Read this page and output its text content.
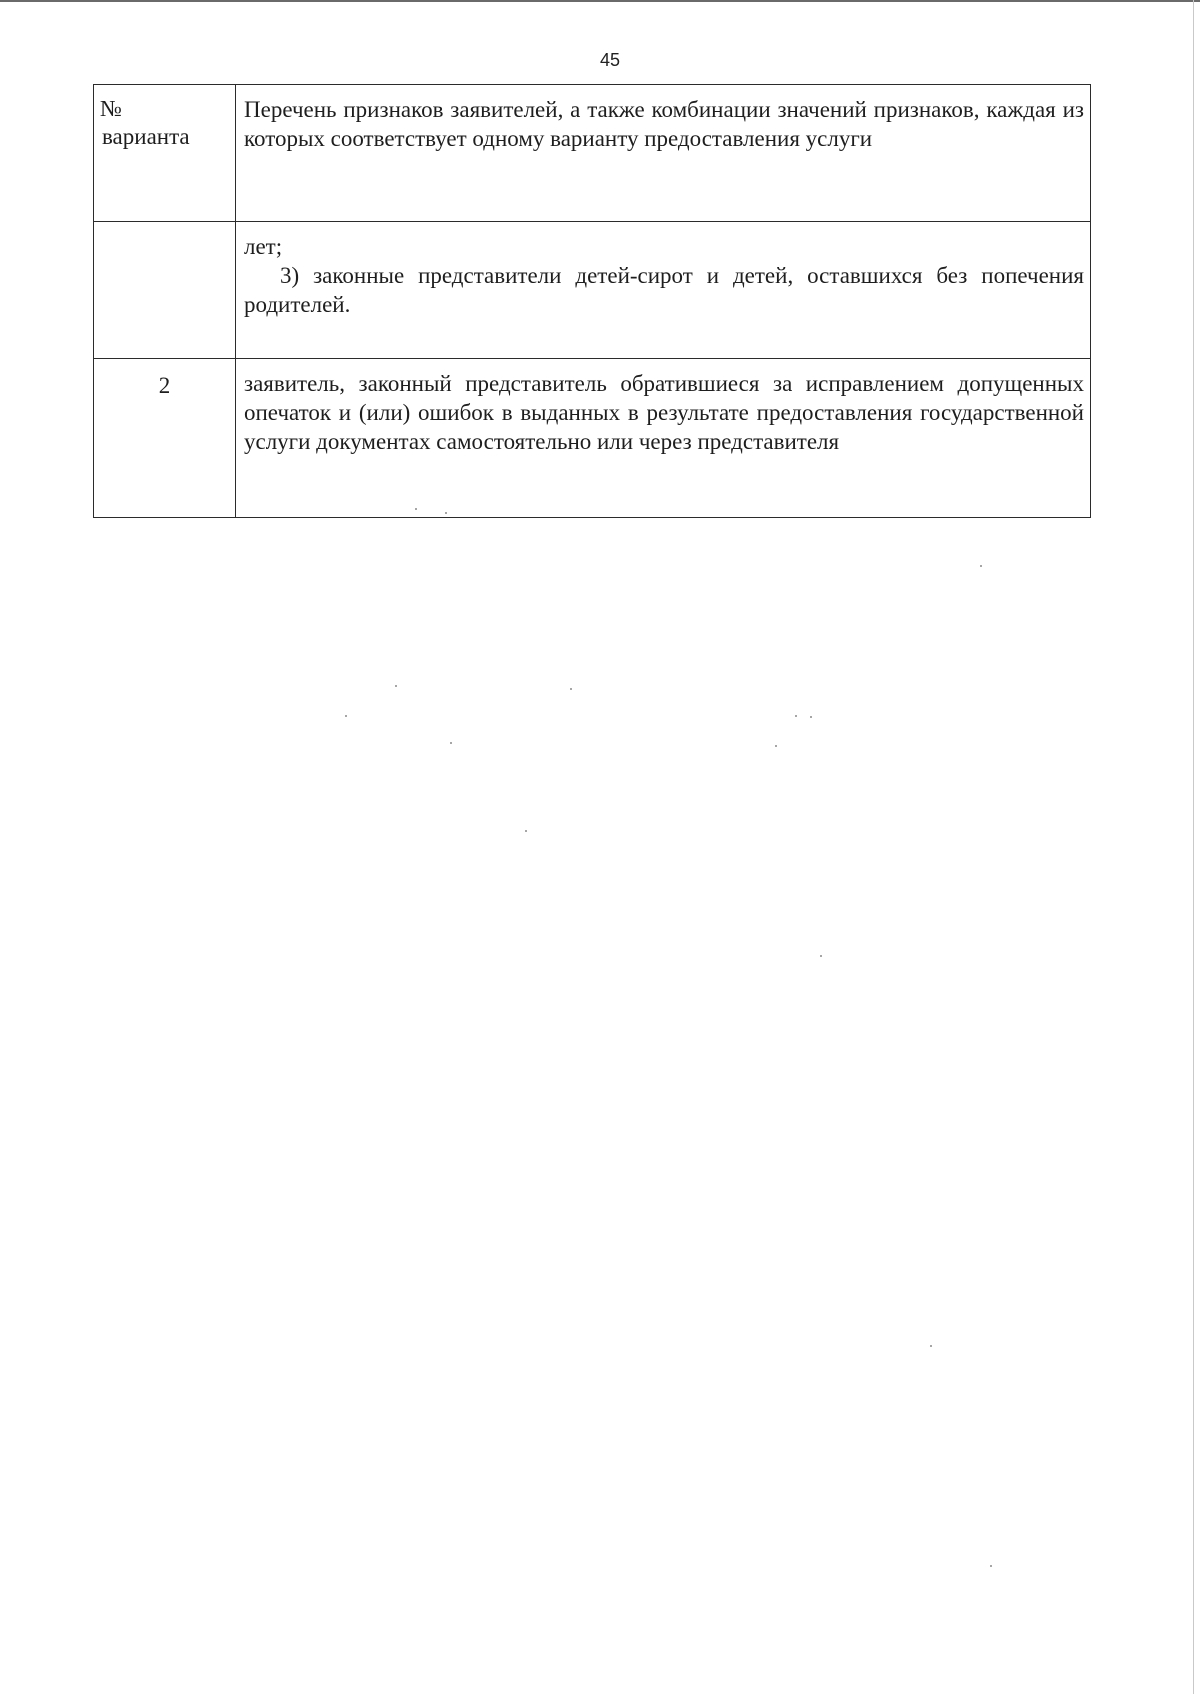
45
№
варианта	Перечень признаков заявителей, а также комбинации значений признаков, каждая из которых соответствует одному варианту предоставления услуги

	лет;
3) законные представители детей-сирот и детей, оставшихся без попечения родителей.

2	заявитель, законный представитель обратившиеся за исправлением допущенных опечаток и (или) ошибок в выданных в результате предоставления государственной услуги документах самостоятельно или через представителя
